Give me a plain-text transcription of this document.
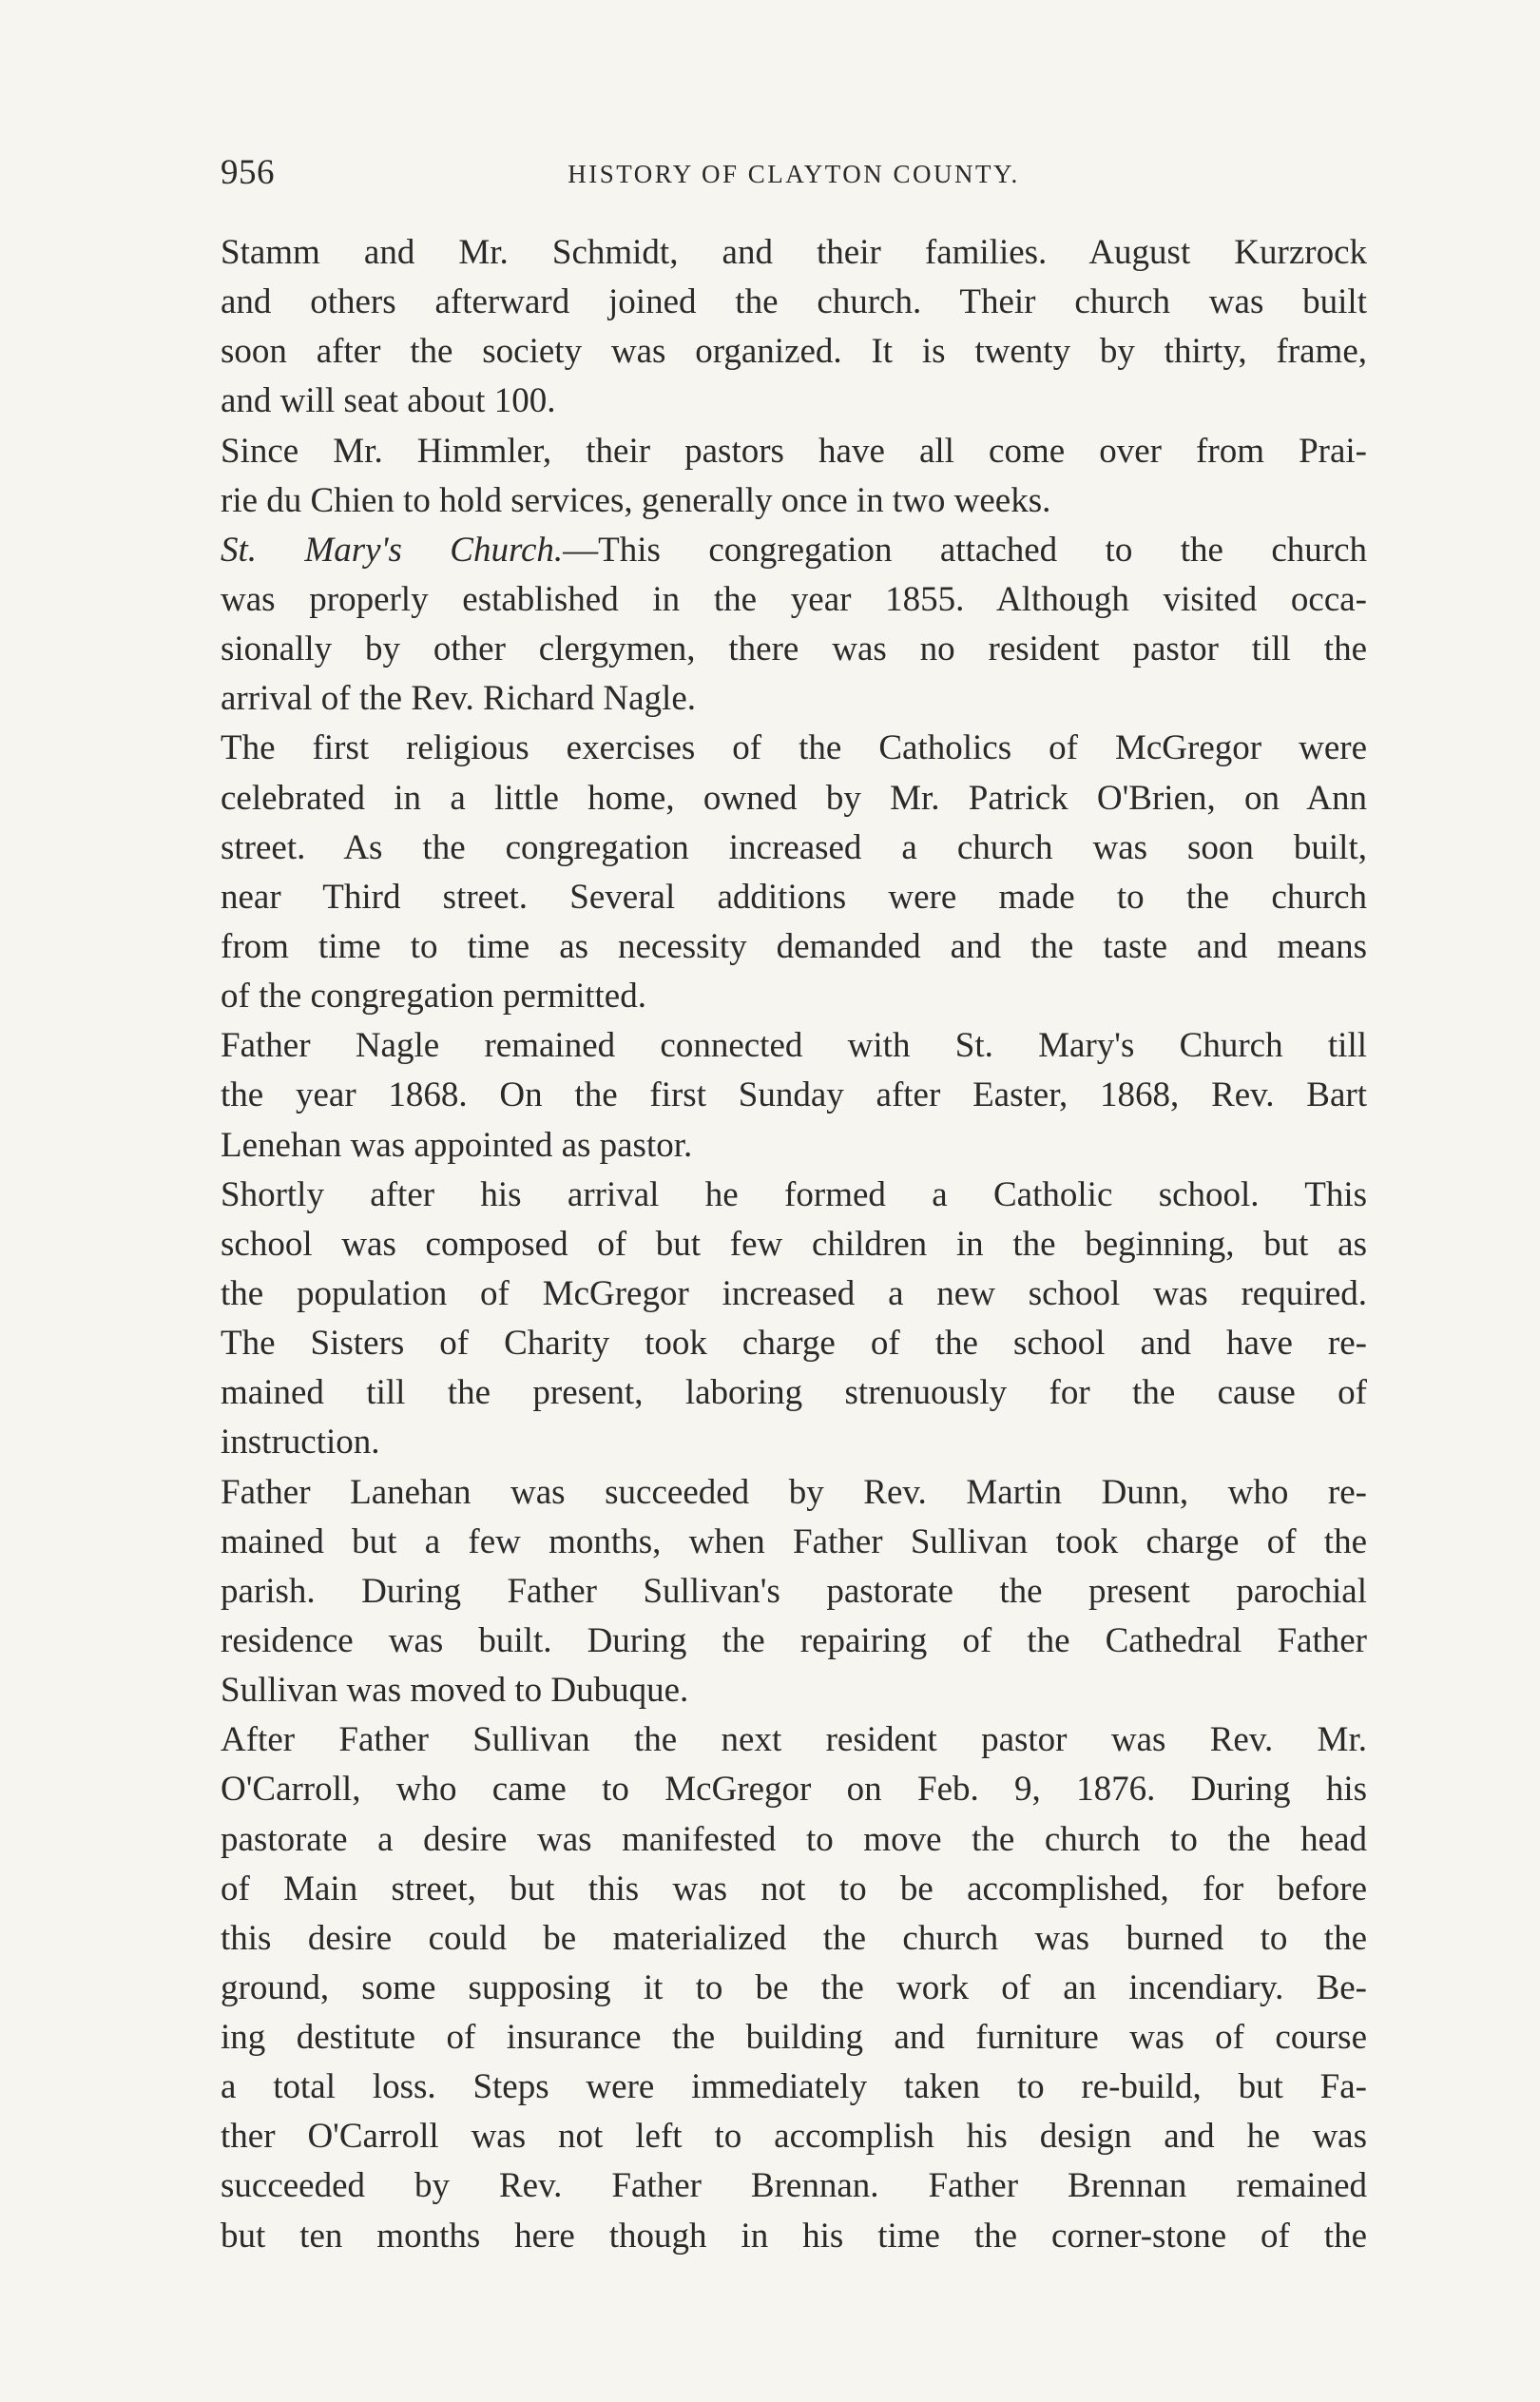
956	HISTORY OF CLAYTON COUNTY.
Stamm and Mr. Schmidt, and their families. August Kurzrock
and others afterward joined the church. Their church was built
soon after the society was organized. It is twenty by thirty, frame,
and will seat about 100.
Since Mr. Himmler, their pastors have all come over from Prai-
rie du Chien to hold services, generally once in two weeks.
St. Mary's Church.—This congregation attached to the church
was properly established in the year 1855. Although visited occa-
sionally by other clergymen, there was no resident pastor till the
arrival of the Rev. Richard Nagle.
The first religious exercises of the Catholics of McGregor were
celebrated in a little home, owned by Mr. Patrick O'Brien, on Ann
street. As the congregation increased a church was soon built,
near Third street. Several additions were made to the church
from time to time as necessity demanded and the taste and means
of the congregation permitted.
Father Nagle remained connected with St. Mary's Church till
the year 1868. On the first Sunday after Easter, 1868, Rev. Bart
Lenehan was appointed as pastor.
Shortly after his arrival he formed a Catholic school. This
school was composed of but few children in the beginning, but as
the population of McGregor increased a new school was required.
The Sisters of Charity took charge of the school and have re-
mained till the present, laboring strenuously for the cause of
instruction.
Father Lanehan was succeeded by Rev. Martin Dunn, who re-
mained but a few months, when Father Sullivan took charge of the
parish. During Father Sullivan's pastorate the present parochial
residence was built. During the repairing of the Cathedral Father
Sullivan was moved to Dubuque.
After Father Sullivan the next resident pastor was Rev. Mr.
O'Carroll, who came to McGregor on Feb. 9, 1876. During his
pastorate a desire was manifested to move the church to the head
of Main street, but this was not to be accomplished, for before
this desire could be materialized the church was burned to the
ground, some supposing it to be the work of an incendiary. Be-
ing destitute of insurance the building and furniture was of course
a total loss. Steps were immediately taken to re-build, but Fa-
ther O'Carroll was not left to accomplish his design and he was
succeeded by Rev. Father Brennan. Father Brennan remained
but ten months here though in his time the corner-stone of the
